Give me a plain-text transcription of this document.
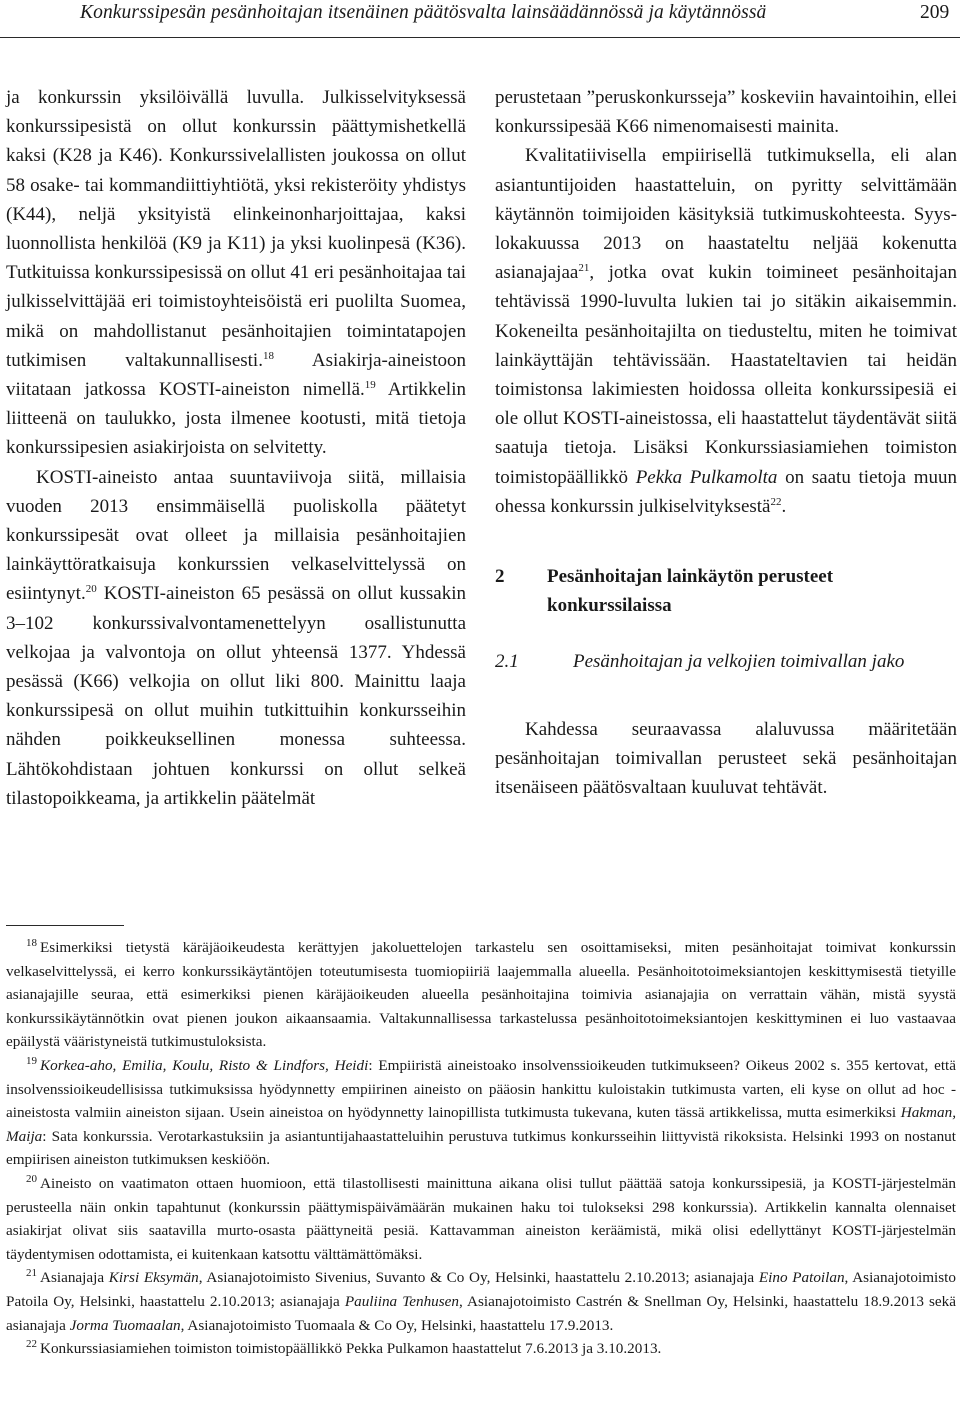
Konkurssipesän pesänhoitajan itsenäinen päätösvalta lainsäädännössä ja käytännössä	209

ja konkurssin yksilöivällä luvulla. Julkisselvityksessä konkurssipesistä on ollut konkurssin päättymishetkellä kaksi (K28 ja K46). Konkurssivelallisten joukossa on ollut 58 osake- tai kommandiittiyhtiötä, yksi rekisteröity yhdistys (K44), neljä yksityistä elinkeinonharjoittajaa, kaksi luonnollista henkilöä (K9 ja K11) ja yksi kuolinpesä (K36). Tutkituissa konkurssipesissä on ollut 41 eri pesänhoitajaa tai julkisselvittäjää eri toimistoyhteisöistä eri puolilta Suomea, mikä on mahdollistanut pesänhoitajien toimintatapojen tutkimisen valtakunnallisesti.$^{18}$ Asiakirja-aineistoon viitataan jatkossa KOSTI-aineiston nimellä.$^{19}$ Artikkelin liitteenä on taulukko, josta ilmenee kootusti, mitä tietoja konkurssipesien asiakirjoista on selvitetty.

KOSTI-aineisto antaa suuntaviivoja siitä, millaisia vuoden 2013 ensimmäisellä puoliskolla päätetyt konkurssipesät ovat olleet ja millaisia pesänhoitajien lainkäyttöratkaisuja konkurssien velkaselvittelyssä on esiintynyt.$^{20}$ KOSTI-aineiston 65 pesässä on ollut kussakin 3–102 konkurssivalvontamenettelyyn osallistunutta velkojaa ja valvontoja on ollut yhteensä 1377. Yhdessä pesässä (K66) velkojia on ollut liki 800. Mainittu laaja konkurssipesä on ollut muihin tutkittuihin konkursseihin nähden poikkeuksellinen monessa suhteessa. Lähtökohdistaan johtuen konkurssi on ollut selkeä tilastopoikkeama, ja artikkelin päätelmät

perustetaan ”peruskonkursseja” koskeviin havaintoihin, ellei konkurssipesää K66 nimenomaisesti mainita.

Kvalitatiivisella empiirisellä tutkimuksella, eli alan asiantuntijoiden haastatteluin, on pyritty selvittämään käytännön toimijoiden käsityksiä tutkimuskohteesta. Syys-lokakuussa 2013 on haastateltu neljää kokenutta asianajajaa$^{21}$, jotka ovat kukin toimineet pesänhoitajan tehtävissä 1990-luvulta lukien tai jo sitäkin aikaisemmin. Kokeneilta pesänhoitajilta on tiedusteltu, miten he toimivat lainkäyttäjän tehtävissään. Haastateltavien tai heidän toimistonsa lakimiesten hoidossa olleita konkurssipesiä ei ole ollut KOSTI-aineistossa, eli haastattelut täydentävät siitä saatuja tietoja. Lisäksi Konkurssiasiamiehen toimiston toimistopäällikkö Pekka Pulkamolta on saatu tietoja muun ohessa konkurssin julkiselvityksestä$^{22}$.

2	Pesänhoitajan lainkäytön perusteet konkurssilaissa
2.1	Pesänhoitajan ja velkojien toimivallan jako

Kahdessa seuraavassa alaluvussa määritetään pesänhoitajan toimivallan perusteet sekä pesänhoitajan itsenäiseen päätösvaltaan kuuluvat tehtävät.

$^{18}$ Esimerkiksi tietystä käräjäoikeudesta kerättyjen jakoluettelojen tarkastelu sen osoittamiseksi, miten pesänhoitajat toimivat konkurssin velkaselvittelyssä, ei kerro konkurssikäytäntöjen toteutumisesta tuomiopiiriä laajemmalla alueella. Pesänhoitotoimeksiantojen keskittymisestä tietyille asianajajille seuraa, että esimerkiksi pienen käräjäoikeuden alueella pesänhoitajina toimivia asianajajia on verrattain vähän, mistä syystä konkurssikäytännötkin ovat pienen joukon aikaansaamia. Valtakunnallisessa tarkastelussa pesänhoitotoimeksiantojen keskittyminen ei luo vastaavaa epäilystä vääristyneistä tutkimustuloksista.

$^{19}$ Korkea-aho, Emilia, Koulu, Risto & Lindfors, Heidi: Empiiristä aineistoako insolvenssioikeuden tutkimukseen? Oikeus 2002 s. 355 kertovat, että insolvenssioikeudellisissa tutkimuksissa hyödynnetty empiirinen aineisto on pääosin hankittu kuloistakin tutkimusta varten, eli kyse on ollut ad hoc -aineistosta valmiin aineiston sijaan. Usein aineistoa on hyödynnetty lainopillista tutkimusta tukevana, kuten tässä artikkelissa, mutta esimerkiksi Hakman, Maija: Sata konkurssia. Verotarkastuksiin ja asiantuntijahaastatteluihin perustuva tutkimus konkursseihin liittyvistä rikoksista. Helsinki 1993 on nostanut empiirisen aineiston tutkimuksen keskiöön.

$^{20}$ Aineisto on vaatimaton ottaen huomioon, että tilastollisesti mainittuna aikana olisi tullut päättää satoja konkurssipesiä, ja KOSTI-järjestelmän perusteella näin onkin tapahtunut (konkurssin päättymispäivämäärän mukainen haku toi tulokseksi 298 konkurssia). Artikkelin kannalta olennaiset asiakirjat olivat siis saatavilla murto-osasta päättyneitä pesiä. Kattavamman aineiston keräämistä, mikä olisi edellyttänyt KOSTI-järjestelmän täydentymisen odottamista, ei kuitenkaan katsottu välttämättömäksi.

$^{21}$ Asianajaja Kirsi Eksymän, Asianajotoimisto Sivenius, Suvanto & Co Oy, Helsinki, haastattelu 2.10.2013; asianajaja Eino Patoilan, Asianajotoimisto Patoila Oy, Helsinki, haastattelu 2.10.2013; asianajaja Pauliina Tenhusen, Asianajotoimisto Castrén & Snellman Oy, Helsinki, haastattelu 18.9.2013 sekä asianajaja Jorma Tuomaalan, Asianajotoimisto Tuomaala & Co Oy, Helsinki, haastattelu 17.9.2013.

$^{22}$ Konkurssiasiamiehen toimiston toimistopäällikkö Pekka Pulkamon haastattelut 7.6.2013 ja 3.10.2013.
